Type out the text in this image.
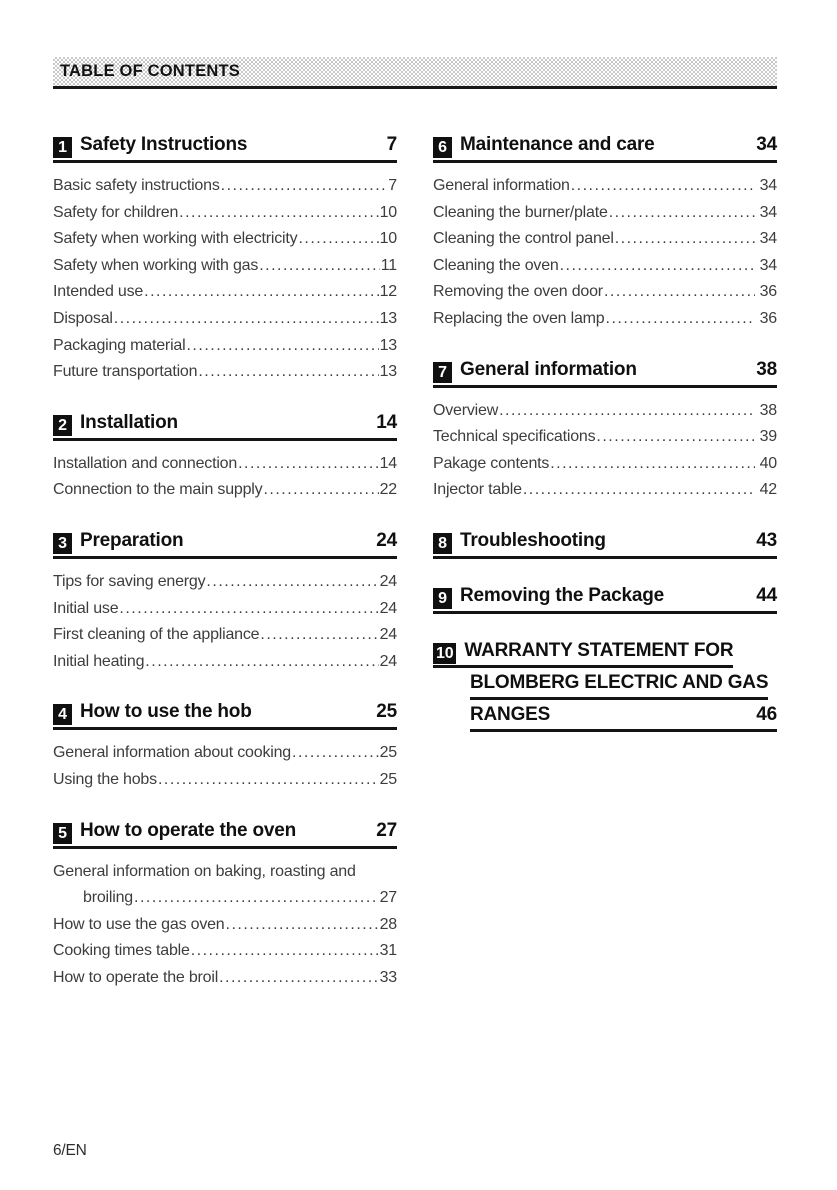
TABLE OF CONTENTS
1 Safety Instructions	7
Basic safety instructions .....	7
Safety for children .....	10
Safety when working with electricity .....	10
Safety when working with gas .....	11
Intended use .....	12
Disposal .....	13
Packaging material .....	13
Future transportation .....	13
2 Installation	14
Installation and connection .....	14
Connection to the main supply .....	22
3 Preparation	24
Tips for saving energy .....	24
Initial use .....	24
First cleaning of the appliance .....	24
Initial heating .....	24
4 How to use the hob	25
General information about cooking .....	25
Using the hobs .....	25
5 How to operate the oven	27
General information on baking, roasting and
broiling .....	27
How to use the gas oven .....	28
Cooking times table .....	31
How to operate the broil .....	33
6 Maintenance and care	34
General information .....	34
Cleaning the burner/plate .....	34
Cleaning the control panel .....	34
Cleaning the oven .....	34
Removing the oven door .....	36
Replacing the oven lamp .....	36
7 General information	38
Overview .....	38
Technical specifications .....	39
Pakage contents .....	40
Injector table .....	42
8 Troubleshooting	43
9 Removing the Package	44
10 WARRANTY STATEMENT FOR
BLOMBERG ELECTRIC AND GAS
RANGES	46
6/EN
